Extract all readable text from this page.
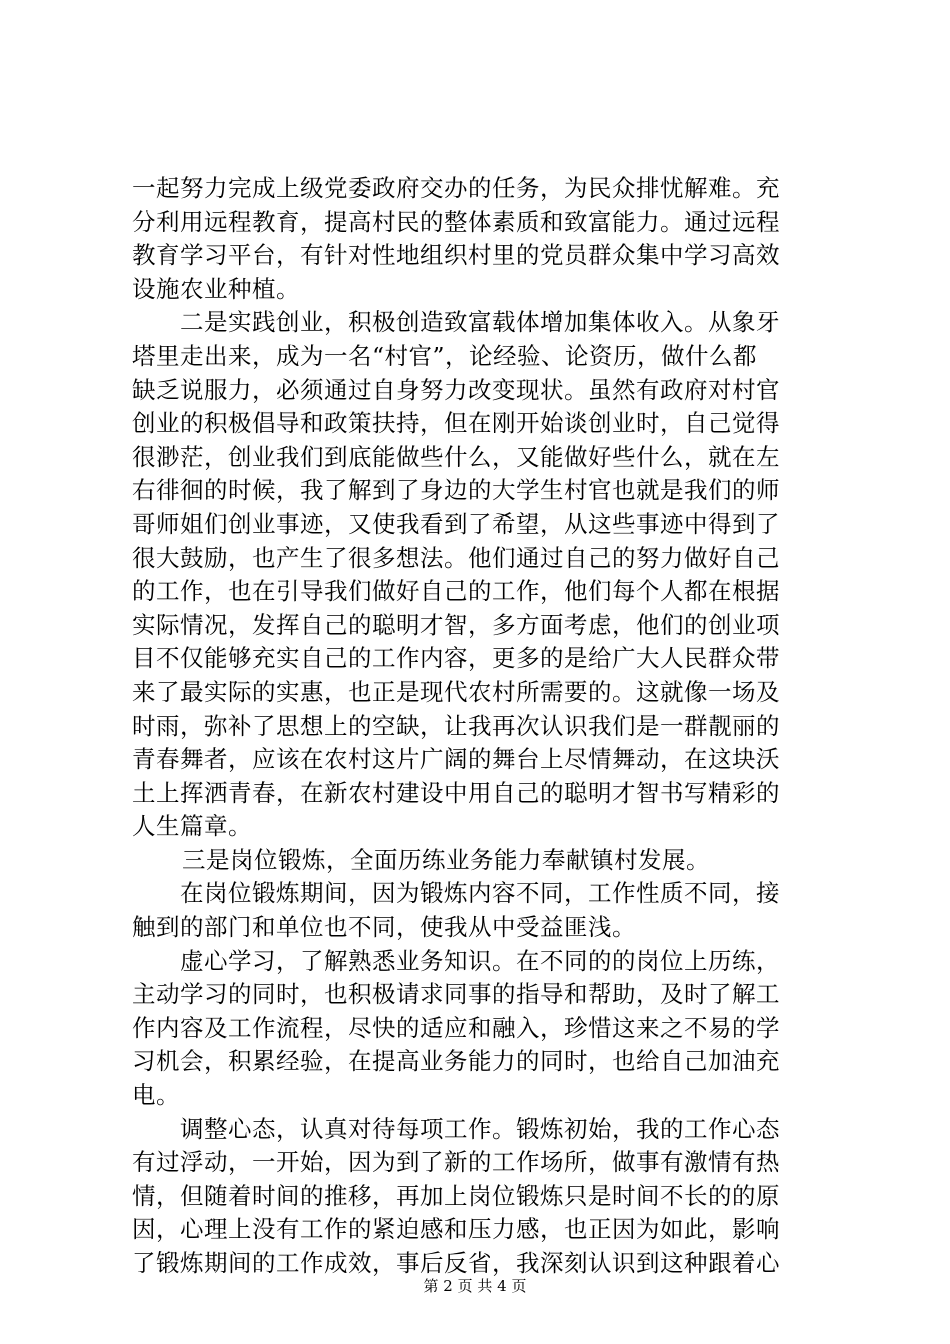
一起努力完成上级党委政府交办的任务，为民众排忧解难。充
分利用远程教育，提高村民的整体素质和致富能力。通过远程
教育学习平台，有针对性地组织村里的党员群众集中学习高效
设施农业种植。
二是实践创业，积极创造致富载体增加集体收入。从象牙
塔里走出来，成为一名“村官”，论经验、论资历，做什么都
缺乏说服力，必须通过自身努力改变现状。虽然有政府对村官
创业的积极倡导和政策扶持，但在刚开始谈创业时，自己觉得
很渺茫，创业我们到底能做些什么，又能做好些什么，就在左
右徘徊的时候，我了解到了身边的大学生村官也就是我们的师
哥师姐们创业事迹，又使我看到了希望，从这些事迹中得到了
很大鼓励，也产生了很多想法。他们通过自己的努力做好自己
的工作，也在引导我们做好自己的工作，他们每个人都在根据
实际情况，发挥自己的聪明才智，多方面考虑，他们的创业项
目不仅能够充实自己的工作内容，更多的是给广大人民群众带
来了最实际的实惠，也正是现代农村所需要的。这就像一场及
时雨，弥补了思想上的空缺，让我再次认识我们是一群靓丽的
青春舞者，应该在农村这片广阔的舞台上尽情舞动，在这块沃
土上挥洒青春，在新农村建设中用自己的聪明才智书写精彩的
人生篇章。
三是岗位锻炼，全面历练业务能力奉献镇村发展。
在岗位锻炼期间，因为锻炼内容不同，工作性质不同，接
触到的部门和单位也不同，使我从中受益匪浅。
虚心学习，了解熟悉业务知识。在不同的的岗位上历练，
主动学习的同时，也积极请求同事的指导和帮助，及时了解工
作内容及工作流程，尽快的适应和融入，珍惜这来之不易的学
习机会，积累经验，在提高业务能力的同时，也给自己加油充
电。
调整心态，认真对待每项工作。锻炼初始，我的工作心态
有过浮动，一开始，因为到了新的工作场所，做事有激情有热
情，但随着时间的推移，再加上岗位锻炼只是时间不长的的原
因，心理上没有工作的紧迫感和压力感，也正因为如此，影响
了锻炼期间的工作成效，事后反省，我深刻认识到这种跟着心
第 2 页 共 4 页
